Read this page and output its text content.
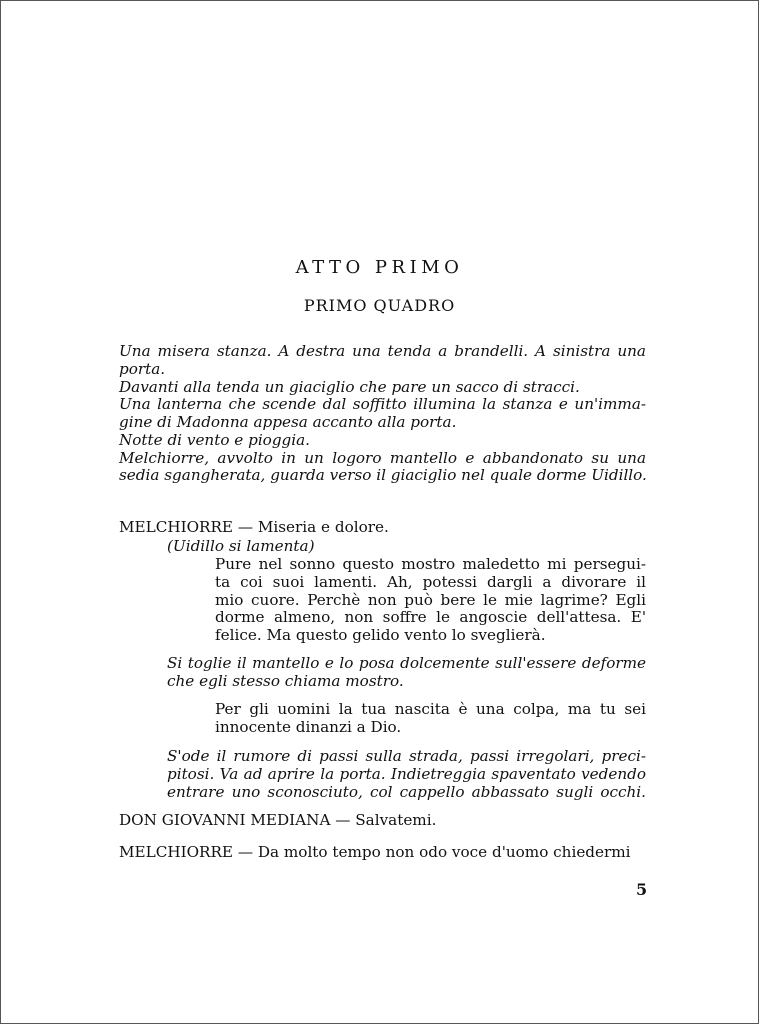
ATTO PRIMO
PRIMO QUADRO
Una misera stanza. A destra una tenda a brandelli. A sinistra una
porta.
Davanti alla tenda un giaciglio che pare un sacco di stracci.
Una lanterna che scende dal soffitto illumina la stanza e un'imma-
gine di Madonna appesa accanto alla porta.
Notte di vento e pioggia.
Melchiorre, avvolto in un logoro mantello e abbandonato su una
sedia sgangherata, guarda verso il giaciglio nel quale dorme Uidillo.
MELCHIORRE — Miseria e dolore.
(Uidillo si lamenta)
Pure nel sonno questo mostro maledetto mi persegui-
ta coi suoi lamenti. Ah, potessi dargli a divorare il
mio cuore. Perchè non può bere le mie lagrime? Egli
dorme almeno, non soffre le angoscie dell'attesa. E'
felice. Ma questo gelido vento lo sveglierà.
Si toglie il mantello e lo posa dolcemente sull'essere deforme
che egli stesso chiama mostro.
Per gli uomini la tua nascita è una colpa, ma tu sei
innocente dinanzi a Dio.
S'ode il rumore di passi sulla strada, passi irregolari, preci-
pitosi. Va ad aprire la porta. Indietreggia spaventato vedendo
entrare uno sconosciuto, col cappello abbassato sugli occhi.
DON GIOVANNI MEDIANA — Salvatemi.
MELCHIORRE — Da molto tempo non odo voce d'uomo chiedermi
5
